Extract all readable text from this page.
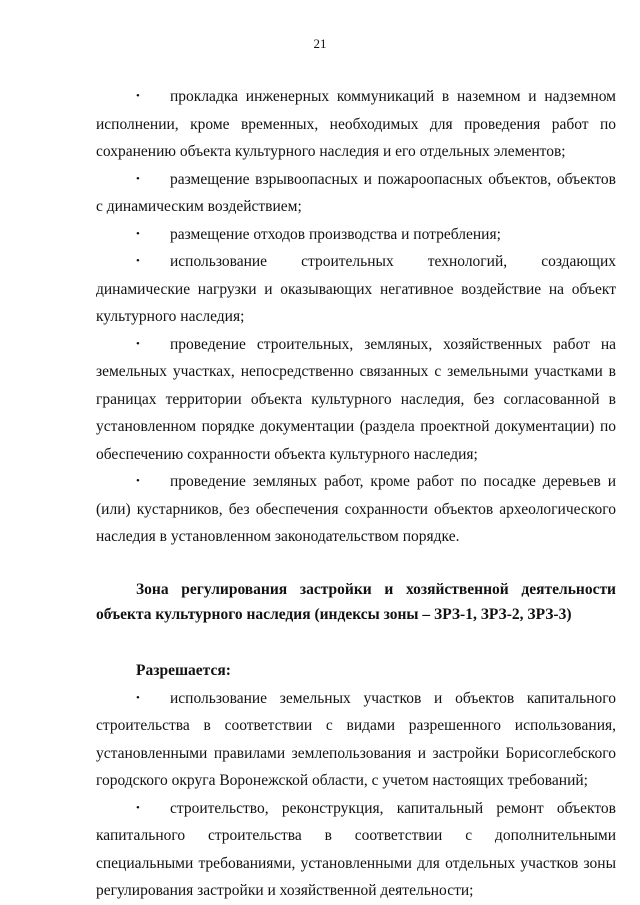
21

• прокладка инженерных коммуникаций в наземном и надземном исполнении, кроме временных, необходимых для проведения работ по сохранению объекта культурного наследия и его отдельных элементов;

• размещение взрывоопасных и пожароопасных объектов, объектов с динамическим воздействием;

• размещение отходов производства и потребления;

• использование строительных технологий, создающих динамические нагрузки и оказывающих негативное воздействие на объект культурного наследия;

• проведение строительных, земляных, хозяйственных работ на земельных участках, непосредственно связанных с земельными участками в границах территории объекта культурного наследия, без согласованной в установленном порядке документации (раздела проектной документации) по обеспечению сохранности объекта культурного наследия;

• проведение земляных работ, кроме работ по посадке деревьев и (или) кустарников, без обеспечения сохранности объектов археологического наследия в установленном законодательством порядке.

Зона регулирования застройки и хозяйственной деятельности объекта культурного наследия (индексы зоны – ЗРЗ-1, ЗРЗ-2, ЗРЗ-3)

Разрешается:

• использование земельных участков и объектов капитального строительства в соответствии с видами разрешенного использования, установленными правилами землепользования и застройки Борисоглебского городского округа Воронежской области, с учетом настоящих требований;

• строительство, реконструкция, капитальный ремонт объектов капитального строительства в соответствии с дополнительными специальными требованиями, установленными для отдельных участков зоны регулирования застройки и хозяйственной деятельности;
